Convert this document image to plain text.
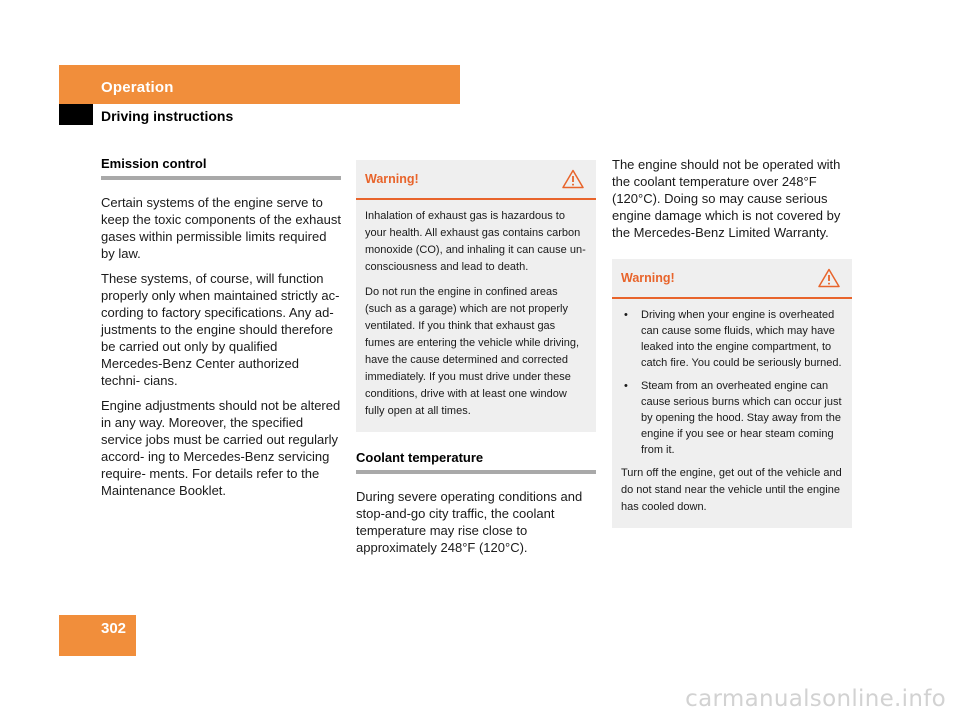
Operation
Driving instructions
Emission control

Certain systems of the engine serve to keep the toxic components of the exhaust gases within permissible limits required by law.

These systems, of course, will function properly only when maintained strictly ac- cording to factory specifications. Any ad- justments to the engine should therefore be carried out only by qualified Mercedes-Benz Center authorized techni- cians.

Engine adjustments should not be altered in any way. Moreover, the specified service jobs must be carried out regularly accord- ing to Mercedes-Benz servicing require- ments. For details refer to the Maintenance Booklet.

Warning!

Inhalation of exhaust gas is hazardous to your health. All exhaust gas contains carbon monoxide (CO), and inhaling it can cause un- consciousness and lead to death.

Do not run the engine in confined areas (such as a garage) which are not properly ventilated. If you think that exhaust gas fumes are entering the vehicle while driving, have the cause determined and corrected immediately. If you must drive under these conditions, drive with at least one window fully open at all times.

Coolant temperature

During severe operating conditions and stop-and-go city traffic, the coolant temperature may rise close to approximately 248°F (120°C).

The engine should not be operated with the coolant temperature over 248°F (120°C). Doing so may cause serious engine damage which is not covered by the Mercedes-Benz Limited Warranty.

Warning!
• Driving when your engine is overheated can cause some fluids, which may have leaked into the engine compartment, to catch fire. You could be seriously burned.
• Steam from an overheated engine can cause serious burns which can occur just by opening the hood. Stay away from the engine if you see or hear steam coming from it.

Turn off the engine, get out of the vehicle and do not stand near the vehicle until the engine has cooled down.

302
carmanualsonline.info
